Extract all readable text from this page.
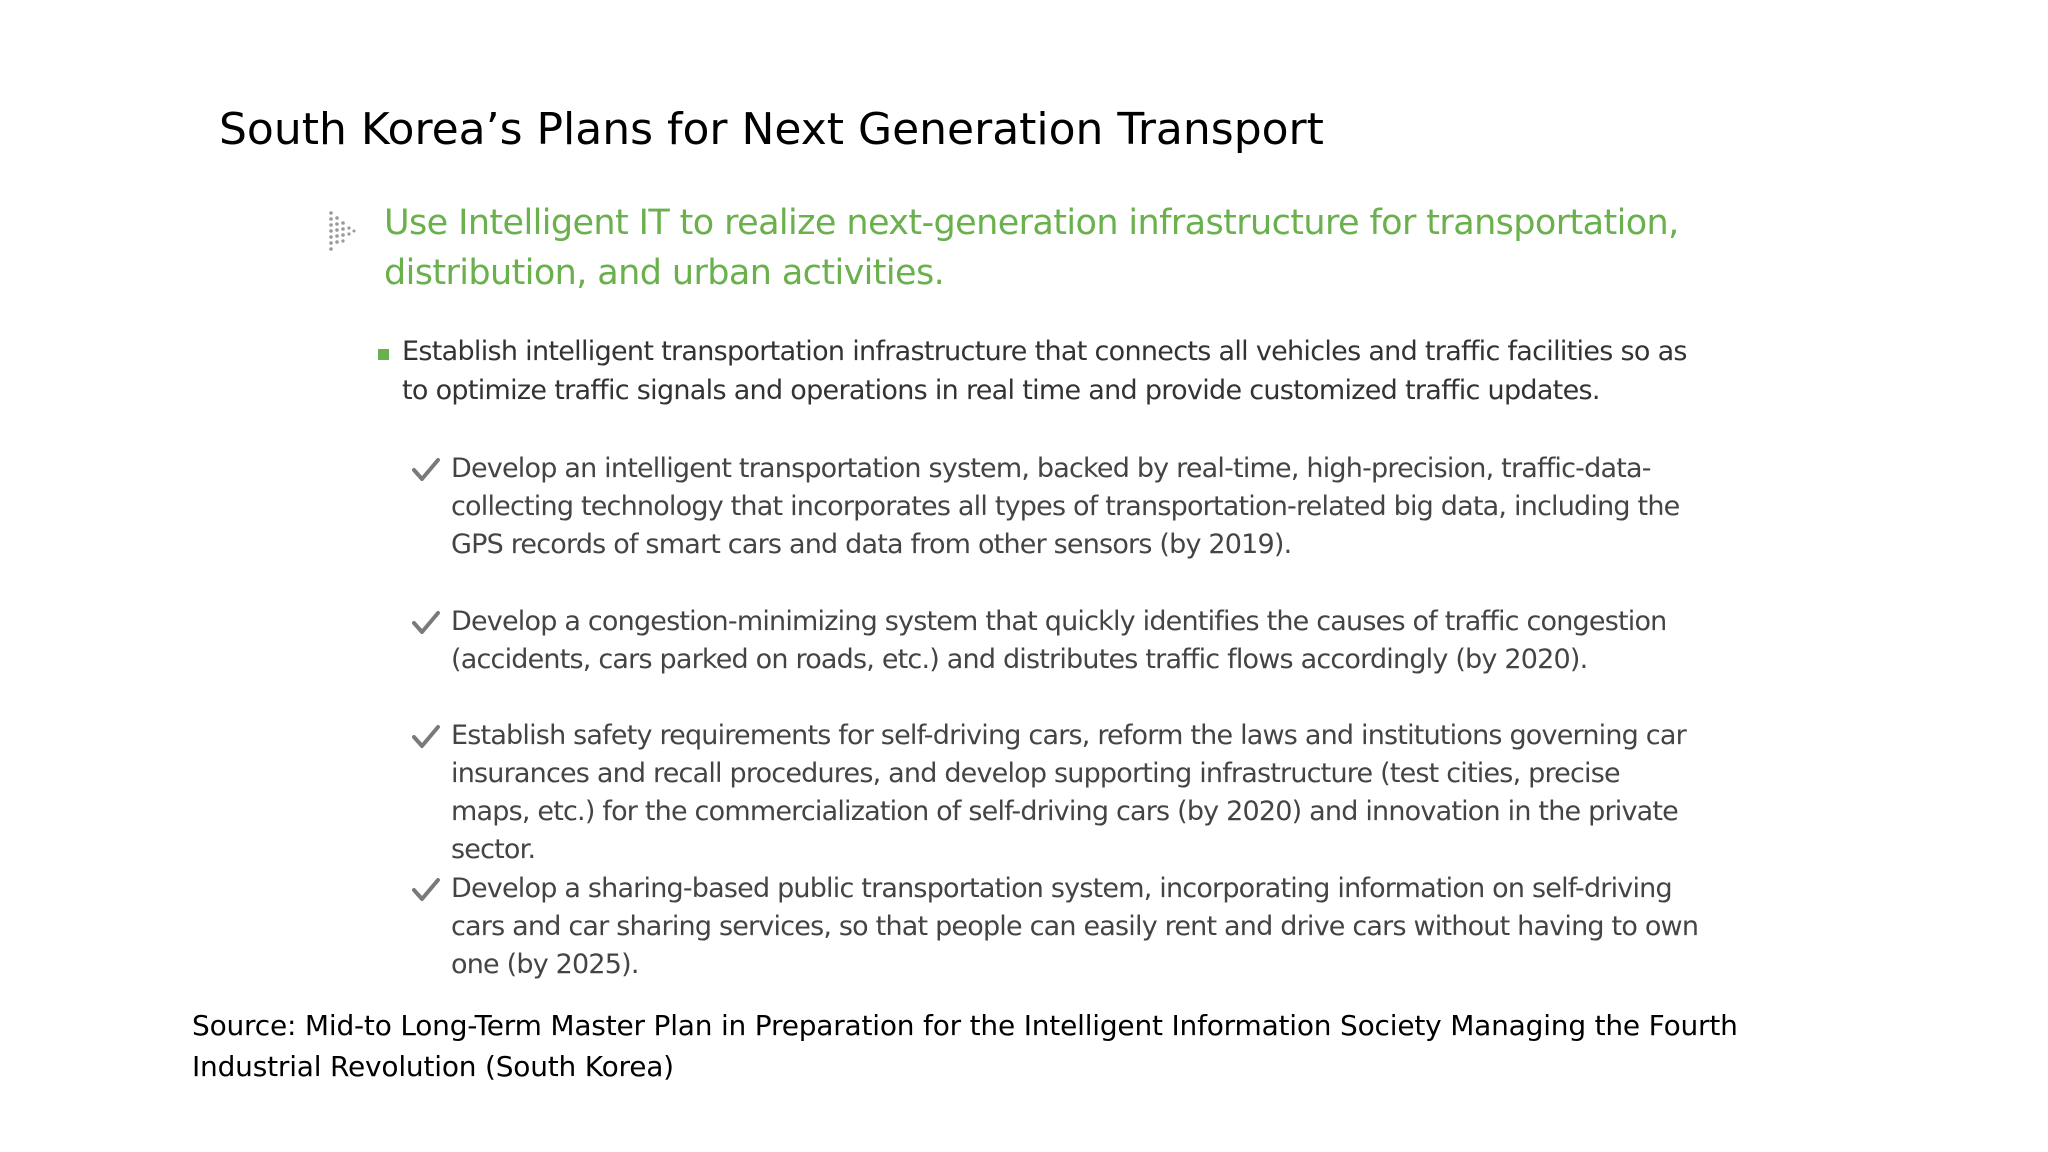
South Korea’s Plans for Next Generation Transport
Use Intelligent IT to realize next-generation infrastructure for transportation, distribution, and urban activities.
Establish intelligent transportation infrastructure that connects all vehicles and traffic facilities so as to optimize traffic signals and operations in real time and provide customized traffic updates.
Develop an intelligent transportation system, backed by real-time, high-precision, traffic-data-collecting technology that incorporates all types of transportation-related big data, including the GPS records of smart cars and data from other sensors (by 2019).
Develop a congestion-minimizing system that quickly identifies the causes of traffic congestion (accidents, cars parked on roads, etc.) and distributes traffic flows accordingly (by 2020).
Establish safety requirements for self-driving cars, reform the laws and institutions governing car insurances and recall procedures, and develop supporting infrastructure (test cities, precise maps, etc.) for the commercialization of self-driving cars (by 2020) and innovation in the private sector.
Develop a sharing-based public transportation system, incorporating information on self-driving cars and car sharing services, so that people can easily rent and drive cars without having to own one (by 2025).
Source: Mid-to Long-Term Master Plan in Preparation for the Intelligent Information Society Managing the Fourth Industrial Revolution (South Korea)
